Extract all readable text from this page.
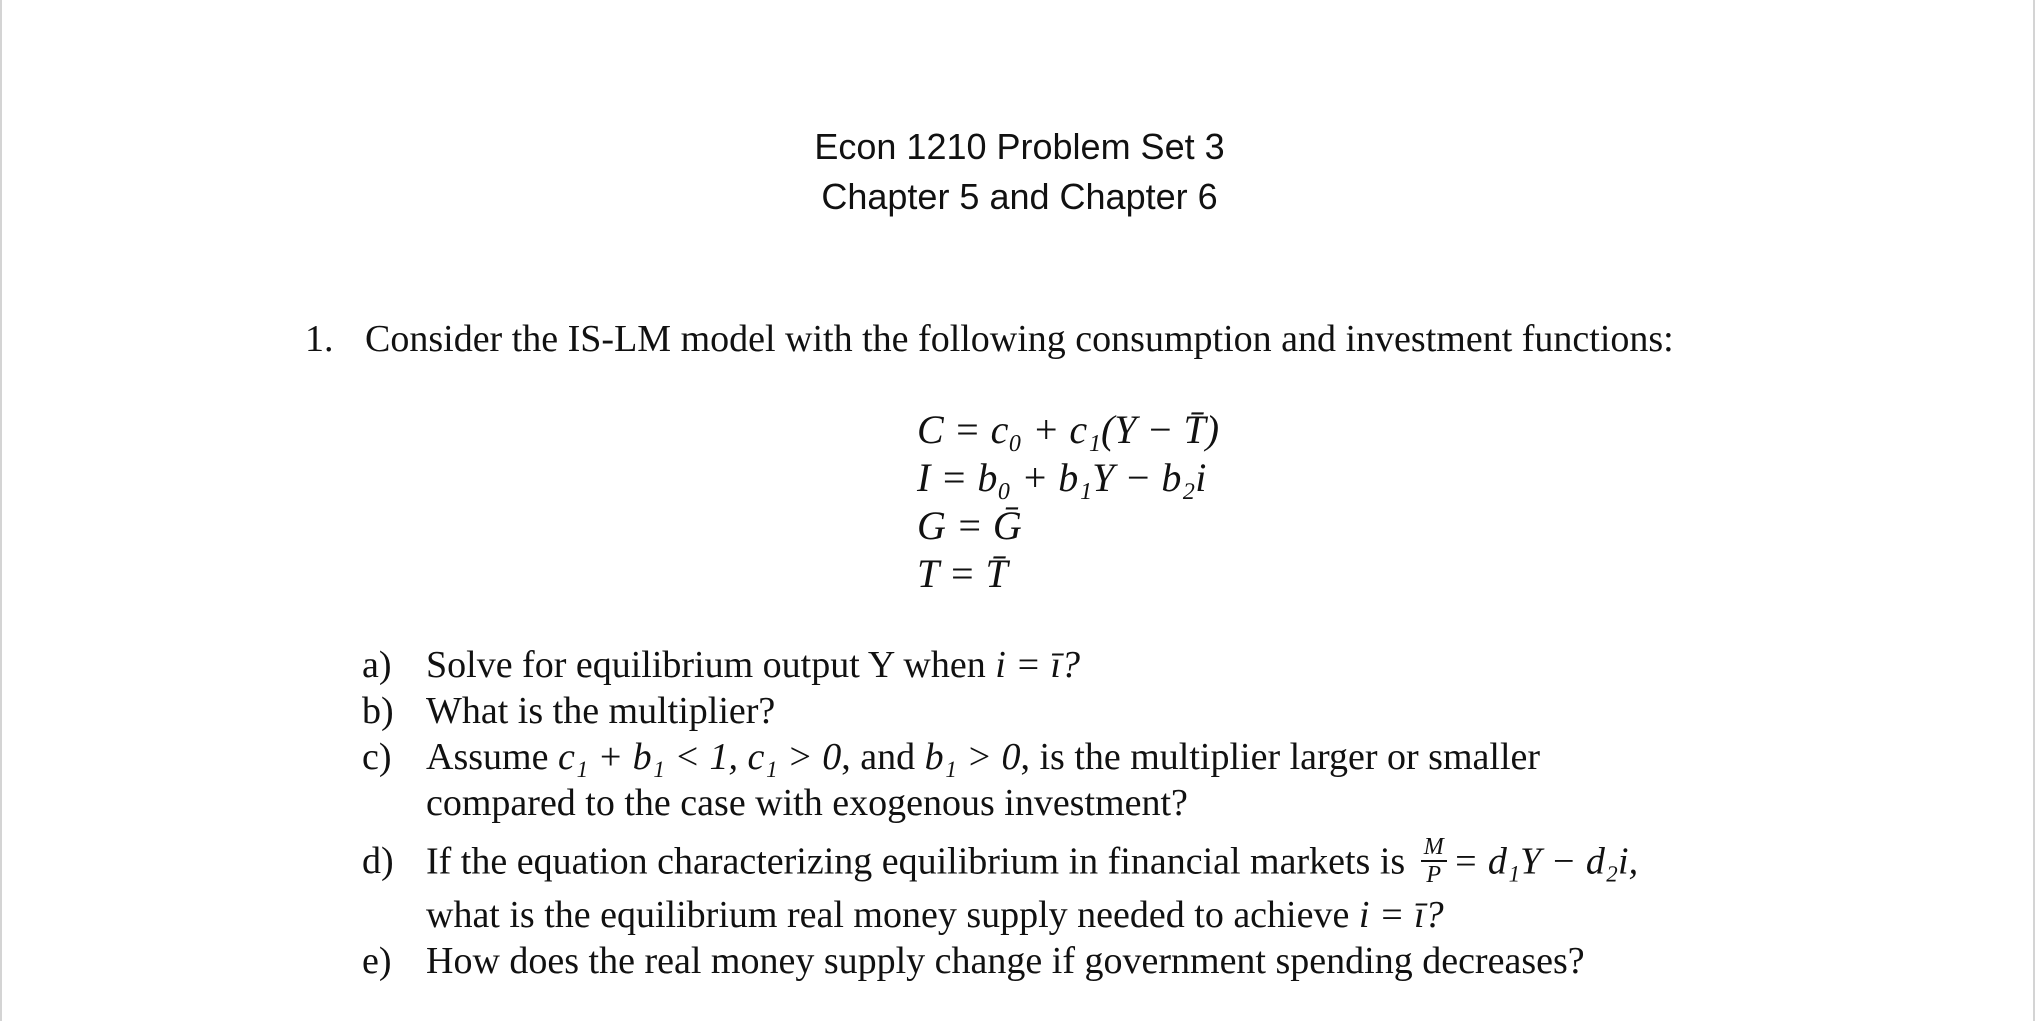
Econ 1210 Problem Set 3
Chapter 5 and Chapter 6
1. Consider the IS-LM model with the following consumption and investment functions:
C = c₀ + c₁(Y − T̄)
I = b₀ + b₁Y − b₂i
G = Ḡ
T = T̄
a) Solve for equilibrium output Y when i = ī?
b) What is the multiplier?
c) Assume c₁ + b₁ < 1, c₁ > 0, and b₁ > 0, is the multiplier larger or smaller
compared to the case with exogenous investment?
d) If the equation characterizing equilibrium in financial markets is $\frac{M}{P} = d_1Y - d_2i$,
what is the equilibrium real money supply needed to achieve i = ī?
e) How does the real money supply change if government spending decreases?
